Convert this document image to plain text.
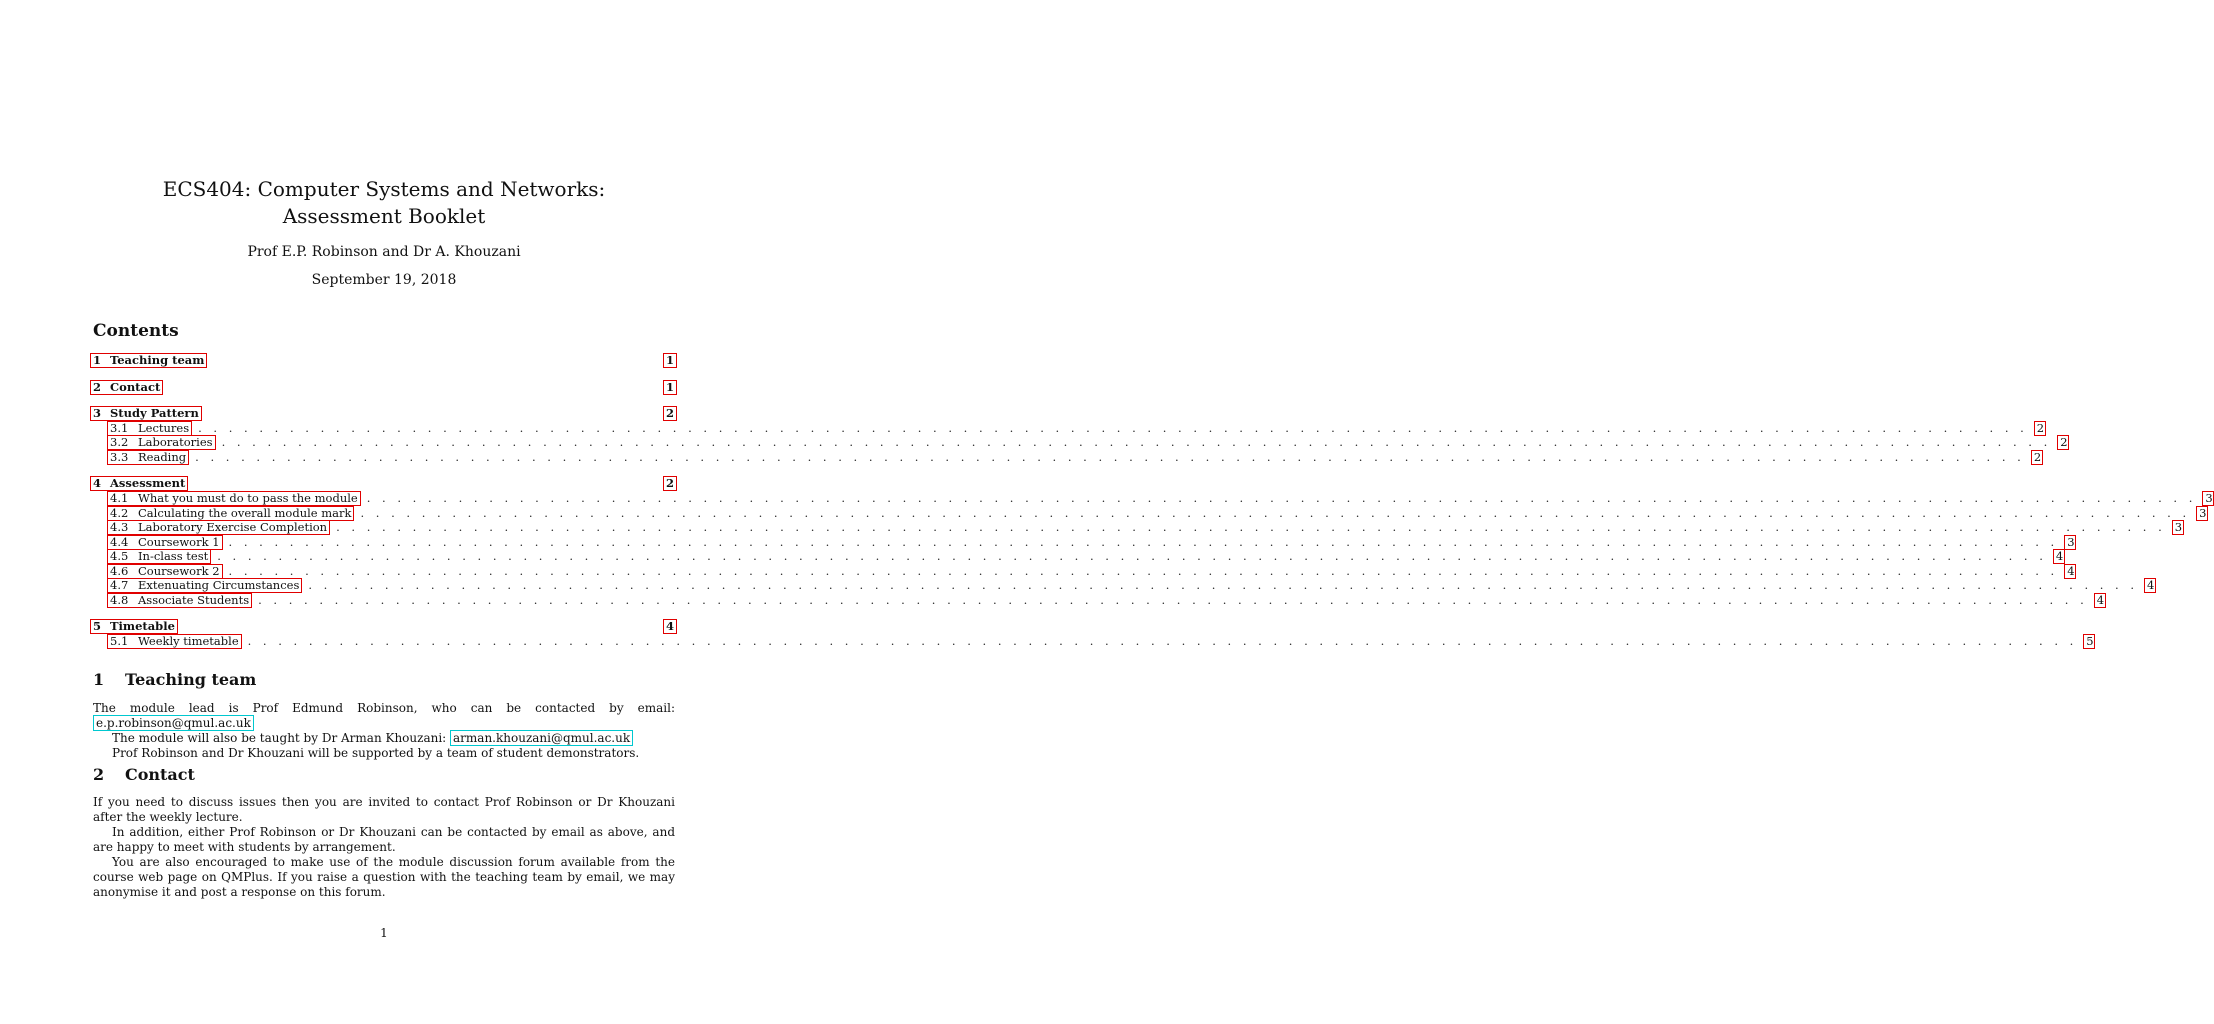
ECS404: Computer Systems and Networks:
Assessment Booklet
Prof E.P. Robinson and Dr A. Khouzani
September 19, 2018
Contents
1 Teaching team	1
2 Contact	1
3 Study Pattern	2
3.1 Lectures . . . . . . . . . . . . . . . . . . . . . . . . . . . . . . . . . . . . . . . . . . . . . . . . . . . . . . . . . . . . . . . . . . . . . . . . . . . . . . . . . . . . . . . . . . . . . . . . . . . . . . . . . . . . . . . . . . . . . . . . 2
3.2 Laboratories . . . . . . . . . . . . . . . . . . . . . . . . . . . . . . . . . . . . . . . . . . . . . . . . . . . . . . . . . . . . . . . . . . . . . . . . . . . . . . . . . . . . . . . . . . . . . . . . . . . . . . . . . . . . . . . . . . . . . . . . 2
3.3 Reading . . . . . . . . . . . . . . . . . . . . . . . . . . . . . . . . . . . . . . . . . . . . . . . . . . . . . . . . . . . . . . . . . . . . . . . . . . . . . . . . . . . . . . . . . . . . . . . . . . . . . . . . . . . . . . . . . . . . . . . . 2
4 Assessment	2
4.1 What you must do to pass the module . . . . . . . . . . . . . . . . . . . . . . . . . . . . . . . . . . . . . . . . . . . . . . . . . . . . . . . . . . . . . . . . . . . . . . . . . . . . . . . . . . . . . . . . . . . . . . . . . . . . . . . . . . . . . . . . . . . . . . . . 3
4.2 Calculating the overall module mark . . . . . . . . . . . . . . . . . . . . . . . . . . . . . . . . . . . . . . . . . . . . . . . . . . . . . . . . . . . . . . . . . . . . . . . . . . . . . . . . . . . . . . . . . . . . . . . . . . . . . . . . . . . . . . . . . . . . . . . . 3
4.3 Laboratory Exercise Completion . . . . . . . . . . . . . . . . . . . . . . . . . . . . . . . . . . . . . . . . . . . . . . . . . . . . . . . . . . . . . . . . . . . . . . . . . . . . . . . . . . . . . . . . . . . . . . . . . . . . . . . . . . . . . . . . . . . . . . . . 3
4.4 Coursework 1 . . . . . . . . . . . . . . . . . . . . . . . . . . . . . . . . . . . . . . . . . . . . . . . . . . . . . . . . . . . . . . . . . . . . . . . . . . . . . . . . . . . . . . . . . . . . . . . . . . . . . . . . . . . . . . . . . . . . . . . . 3
4.5 In-class test . . . . . . . . . . . . . . . . . . . . . . . . . . . . . . . . . . . . . . . . . . . . . . . . . . . . . . . . . . . . . . . . . . . . . . . . . . . . . . . . . . . . . . . . . . . . . . . . . . . . . . . . . . . . . . . . . . . . . . . . 4
4.6 Coursework 2 . . . . . . . . . . . . . . . . . . . . . . . . . . . . . . . . . . . . . . . . . . . . . . . . . . . . . . . . . . . . . . . . . . . . . . . . . . . . . . . . . . . . . . . . . . . . . . . . . . . . . . . . . . . . . . . . . . . . . . . . 4
4.7 Extenuating Circumstances . . . . . . . . . . . . . . . . . . . . . . . . . . . . . . . . . . . . . . . . . . . . . . . . . . . . . . . . . . . . . . . . . . . . . . . . . . . . . . . . . . . . . . . . . . . . . . . . . . . . . . . . . . . . . . . . . . . . . . . . 4
4.8 Associate Students . . . . . . . . . . . . . . . . . . . . . . . . . . . . . . . . . . . . . . . . . . . . . . . . . . . . . . . . . . . . . . . . . . . . . . . . . . . . . . . . . . . . . . . . . . . . . . . . . . . . . . . . . . . . . . . . . . . . . . . . 4
5 Timetable	4
5.1 Weekly timetable . . . . . . . . . . . . . . . . . . . . . . . . . . . . . . . . . . . . . . . . . . . . . . . . . . . . . . . . . . . . . . . . . . . . . . . . . . . . . . . . . . . . . . . . . . . . . . . . . . . . . . . . . . . . . . . . . . . . . . . . 5
1 Teaching team

The module lead is Prof Edmund Robinson, who can be contacted by email: e.p.robinson@qmul.ac.uk

The module will also be taught by Dr Arman Khouzani: arman.khouzani@qmul.ac.uk

Prof Robinson and Dr Khouzani will be supported by a team of student demonstrators.

2 Contact

If you need to discuss issues then you are invited to contact Prof Robinson or Dr Khouzani after the weekly lecture.

In addition, either Prof Robinson or Dr Khouzani can be contacted by email as above, and are happy to meet with students by arrangement.

You are also encouraged to make use of the module discussion forum available from the course web page on QMPlus. If you raise a question with the teaching team by email, we may anonymise it and post a response on this forum.

1
